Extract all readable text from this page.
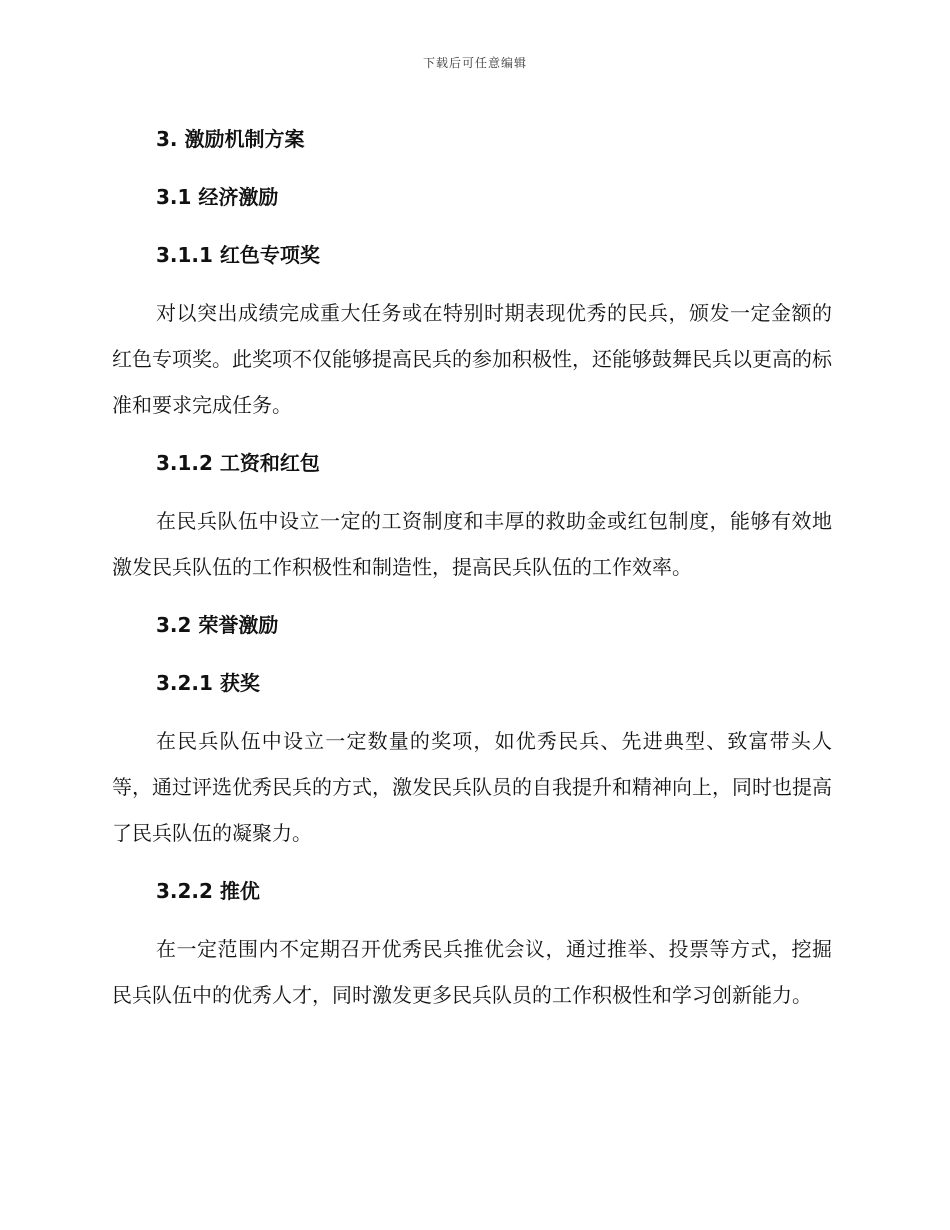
下载后可任意编辑
3. 激励机制方案
3.1 经济激励
3.1.1 红色专项奖

对以突出成绩完成重大任务或在特别时期表现优秀的民兵，颁发一定金额的红色专项奖。此奖项不仅能够提高民兵的参加积极性，还能够鼓舞民兵以更高的标准和要求完成任务。

3.1.2 工资和红包

在民兵队伍中设立一定的工资制度和丰厚的救助金或红包制度，能够有效地激发民兵队伍的工作积极性和制造性，提高民兵队伍的工作效率。

3.2 荣誉激励
3.2.1 获奖

在民兵队伍中设立一定数量的奖项，如优秀民兵、先进典型、致富带头人等，通过评选优秀民兵的方式，激发民兵队员的自我提升和精神向上，同时也提高了民兵队伍的凝聚力。

3.2.2 推优

在一定范围内不定期召开优秀民兵推优会议，通过推举、投票等方式，挖掘民兵队伍中的优秀人才，同时激发更多民兵队员的工作积极性和学习创新能力。
